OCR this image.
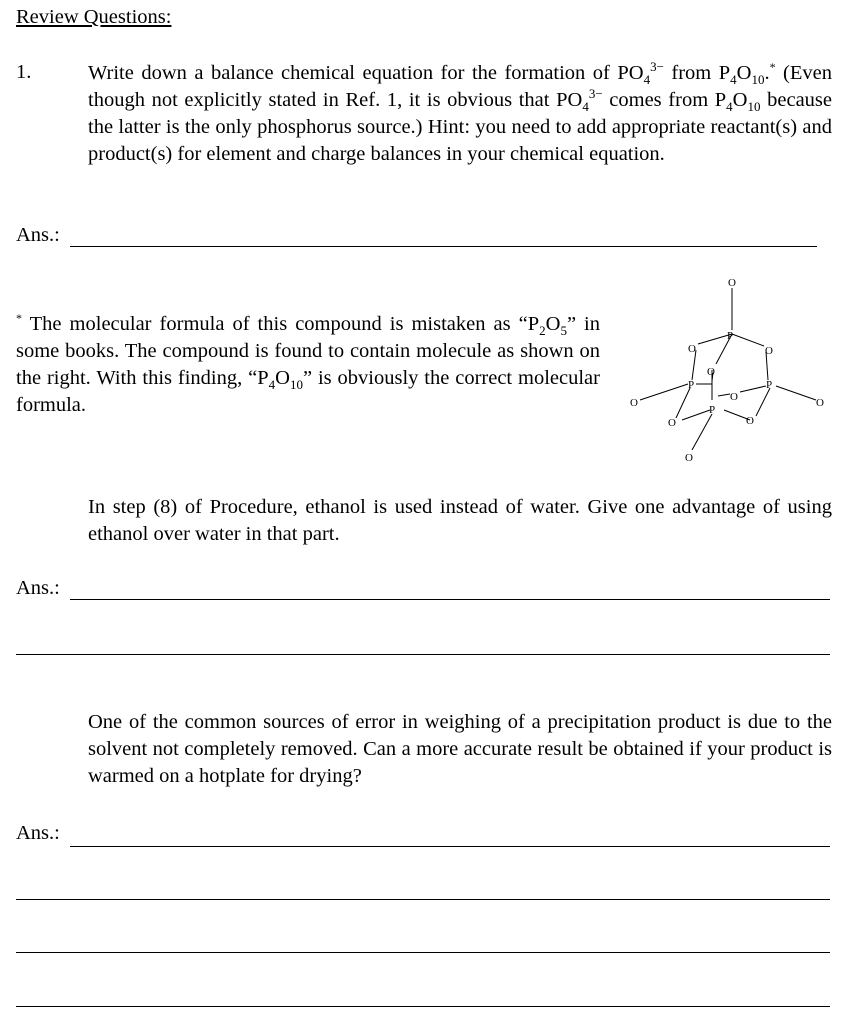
Review Questions:
1.	Write down a balance chemical equation for the formation of $PO_4^{3-}$ from $P_4O_{10}.^*$ (Even though not explicitly stated in Ref. 1, it is obvious that $PO_4^{3-}$ comes from $P_4O_{10}$ because the latter is the only phosphorus source.) Hint: you need to add appropriate reactant(s) and product(s) for element and charge balances in your chemical equation.
Ans.:
* The molecular formula of this compound is mistaken as “$P_2O_5$” in some books. The compound is found to contain molecule as shown on the right. With this finding, “$P_4O_{10}$” is obviously the correct molecular formula.
O
P
O	O
O
P	P
O	O
O
P
O	O
O
In step (8) of Procedure, ethanol is used instead of water. Give one advantage of using ethanol over water in that part.
Ans.:
One of the common sources of error in weighing of a precipitation product is due to the solvent not completely removed. Can a more accurate result be obtained if your product is warmed on a hotplate for drying?
Ans.:
